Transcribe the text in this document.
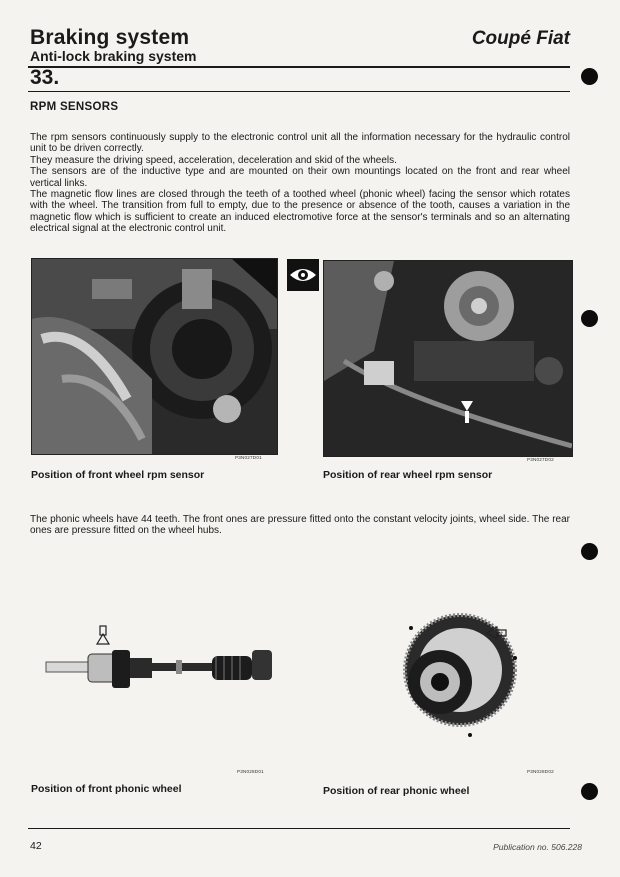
Braking system	Coupé Fiat
Anti-lock braking system
33.
RPM SENSORS

The rpm sensors continuously supply to the electronic control unit all the information necessary for the hydraulic control unit to be driven correctly.

They measure the driving speed, acceleration, deceleration and skid of the wheels.

The sensors are of the inductive type and are mounted on their own mountings located on the front and rear wheel vertical links.

The magnetic flow lines are closed through the teeth of a toothed wheel (phonic wheel) facing the sensor which rotates with the wheel. The transition from full to empty, due to the presence or absence of the tooth, causes a variation in the magnetic flow which is sufficient to create an induced electromotive force at the sensor's terminals and so an alternating electrical signal at the electronic control unit.

P3N027D01
Position of front wheel rpm sensor
P3N027D02
Position of rear wheel rpm sensor

The phonic wheels have 44 teeth. The front ones are pressure fitted onto the constant velocity joints, wheel side. The rear ones are pressure fitted on the wheel hubs.

P3N028D01
Position of front phonic wheel
P3N028D02
Position of rear phonic wheel
42	Publication no. 506.228
